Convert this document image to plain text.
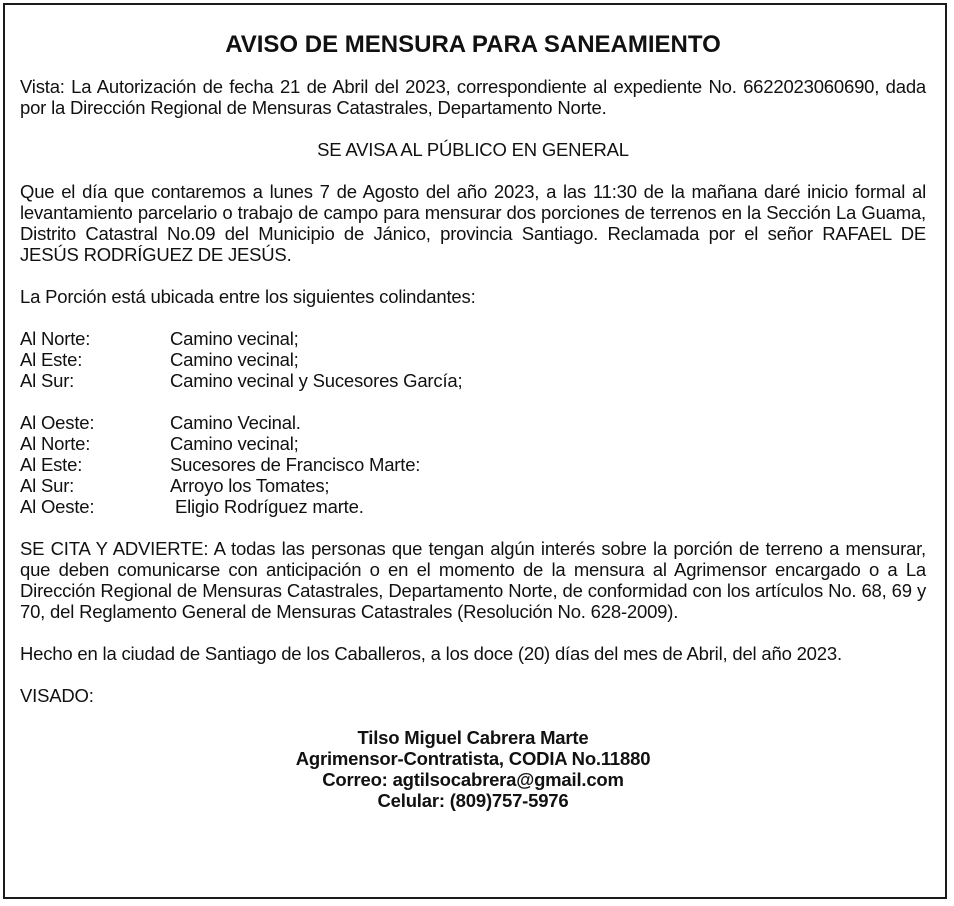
AVISO DE MENSURA PARA SANEAMIENTO

Vista: La Autorización de fecha 21 de Abril del 2023, correspondiente al expediente No. 6622023060690, dada por la Dirección Regional de Mensuras Catastrales, Departamento Norte.

SE AVISA AL PÚBLICO EN GENERAL

Que el día que contaremos a lunes 7 de Agosto del año 2023, a las 11:30 de la mañana daré inicio formal al levantamiento parcelario o trabajo de campo para mensurar dos porciones de terrenos en la Sección La Guama, Distrito Catastral No.09 del Municipio de Jánico, provincia Santiago. Reclamada por el señor RAFAEL DE JESÚS RODRÍGUEZ DE JESÚS.

La Porción está ubicada entre los siguientes colindantes:

Al Norte:	Camino vecinal;
Al Este:	Camino vecinal;
Al Sur:	Camino vecinal y Sucesores García;
Al Oeste:	Camino Vecinal.
Al Norte:	Camino vecinal;
Al Este:	Sucesores de Francisco Marte:
Al Sur:	Arroyo los Tomates;
Al Oeste:	Eligio Rodríguez marte.

SE CITA Y ADVIERTE: A todas las personas que tengan algún interés sobre la porción de terreno a mensurar, que deben comunicarse con anticipación o en el momento de la mensura al Agrimensor encargado o a La Dirección Regional de Mensuras Catastrales, Departamento Norte, de conformidad con los artículos No. 68, 69 y 70, del Reglamento General de Mensuras Catastrales (Resolución No. 628-2009).

Hecho en la ciudad de Santiago de los Caballeros, a los doce (20) días del mes de Abril, del año 2023.

VISADO:

Tilso Miguel Cabrera Marte

Agrimensor-Contratista, CODIA No.11880

Correo: agtilsocabrera@gmail.com

Celular: (809)757-5976
